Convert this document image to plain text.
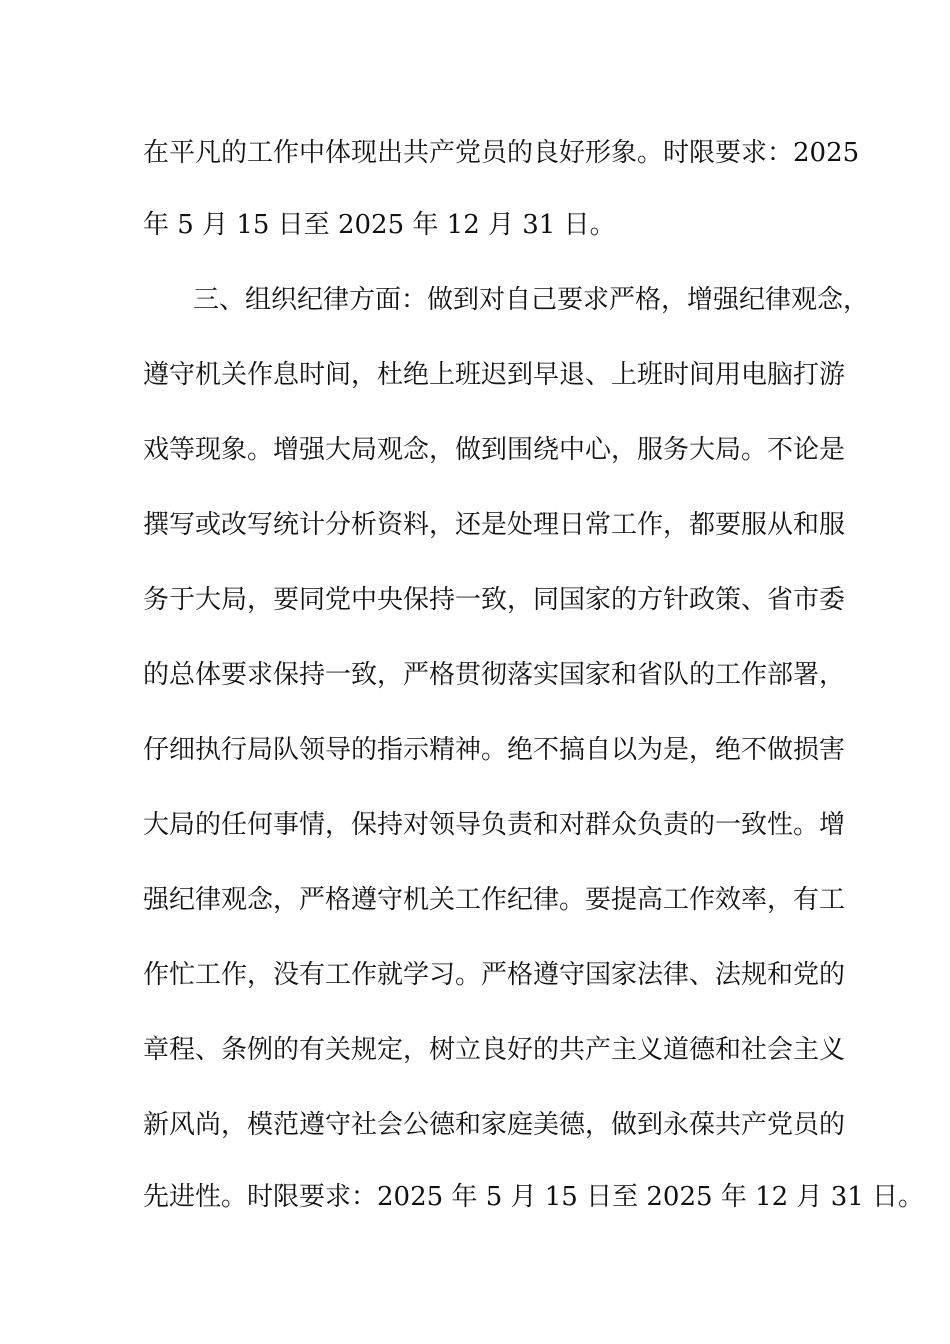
在平凡的工作中体现出共产党员的良好形象。时限要求：2025
年 5 月 15 日至 2025 年 12 月 31 日。
三、组织纪律方面：做到对自己要求严格，增强纪律观念，
遵守机关作息时间，杜绝上班迟到早退、上班时间用电脑打游
戏等现象。增强大局观念，做到围绕中心，服务大局。不论是
撰写或改写统计分析资料，还是处理日常工作，都要服从和服
务于大局，要同党中央保持一致，同国家的方针政策、省市委
的总体要求保持一致，严格贯彻落实国家和省队的工作部署，
仔细执行局队领导的指示精神。绝不搞自以为是，绝不做损害
大局的任何事情，保持对领导负责和对群众负责的一致性。增
强纪律观念，严格遵守机关工作纪律。要提高工作效率，有工
作忙工作，没有工作就学习。严格遵守国家法律、法规和党的
章程、条例的有关规定，树立良好的共产主义道德和社会主义
新风尚，模范遵守社会公德和家庭美德，做到永葆共产党员的
先进性。时限要求：2025 年 5 月 15 日至 2025 年 12 月 31 日。
